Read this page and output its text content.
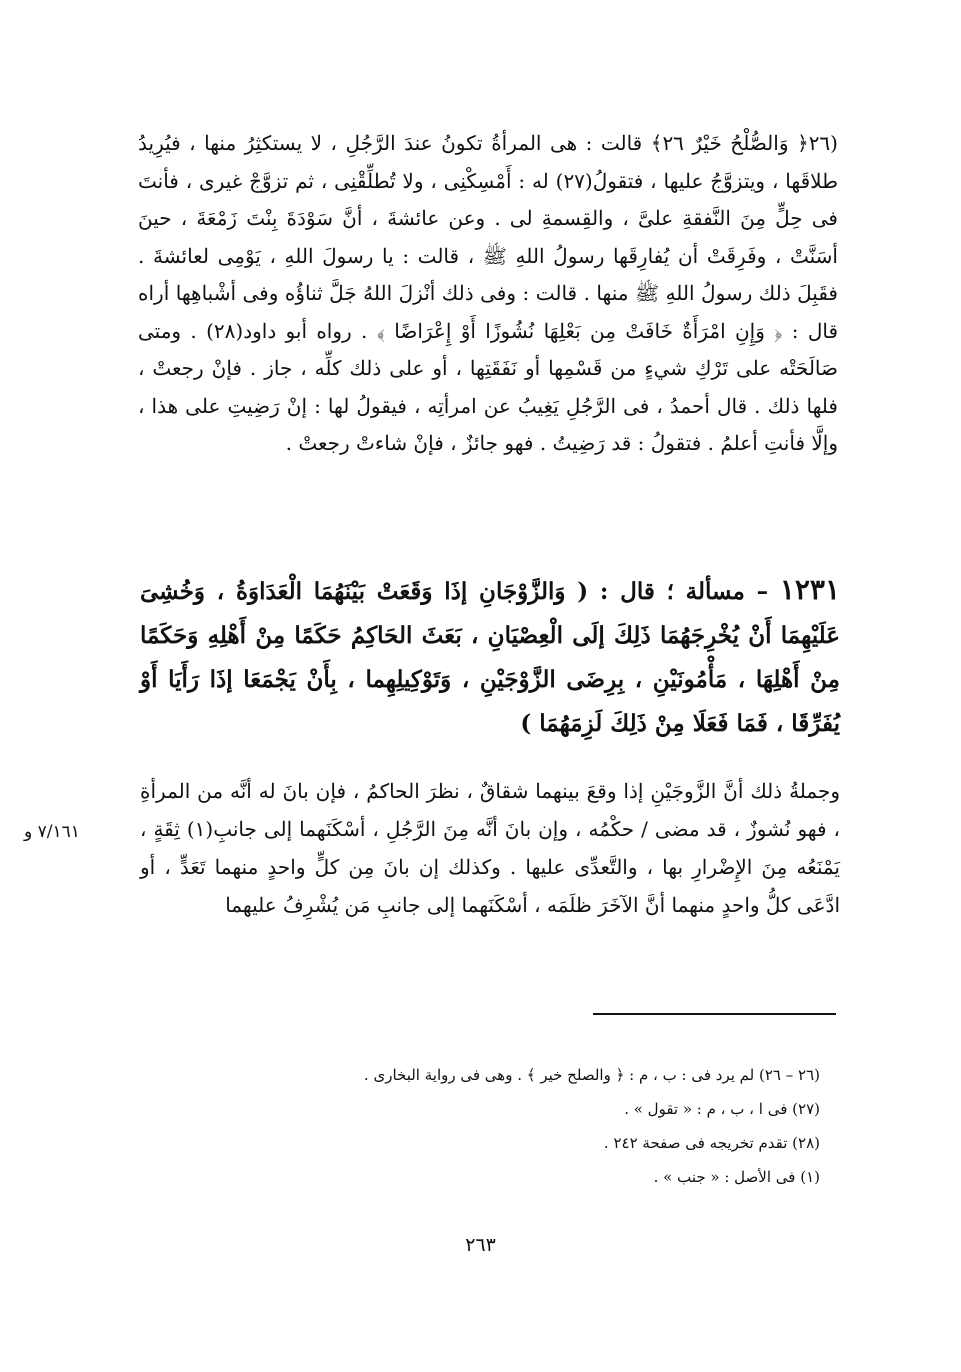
(٢٦﴿ وَالصُّلْحُ خَيْرٌ ٢٦﴾ قالت : هى المرأةُ تكونُ عندَ الرَّجُلِ ، لا يستكثِرُ منها ، فيُرِيدُ طلاقَها ، ويتزوَّجُ عليها ، فتقولُ(٢٧) له : أَمْسِكْنِى ، ولا تُطلِّقْنِى ، ثم تزوَّجْ غيرى ، فأنتَ فى حِلٍّ مِنَ النَّفقةِ علىَّ ، والقِسمةِ لى . وعن عائشةَ ، أنَّ سَوْدَةَ بِنْتَ زَمْعَةَ ، حينَ أسَنَّتْ ، وفَرِقَتْ أن يُفارِقَها رسولُ اللهِ ﷺ ، قالت : يا رسولَ اللهِ ، يَوْمِى لعائشةَ . فقَبِلَ ذلك رسولُ اللهِ ﷺ منها . قالت : وفى ذلك أنْزلَ اللهُ جَلَّ ثناؤُه وفى أشْباهِها أراه قال : ﴿ وَإِنِ امْرَأَةٌ خَافَتْ مِن بَعْلِهَا نُشُوزًا أَوْ إِعْرَاضًا ﴾ . رواه أبو داود(٢٨) . ومتى صَالَحَتْه على تَرْكِ شيءٍ من قَسْمِها أو نَفَقَتِها ، أو على ذلك كلِّه ، جاز . فإنْ رجعتْ ، فلها ذلك . قال أحمدُ ، فى الرَّجُلِ يَغِيبُ عن امرأتِه ، فيقولُ لها : إنْ رَضِيتِ على هذا ، وإلَّا فأنتِ أعلمُ . فتقولُ : قد رَضِيتُ . فهو جائزٌ ، فإنْ شاءتْ رجعتْ .

١٢٣١ – مسألة ؛ قال : ( وَالزَّوْجَانِ إذَا وَقَعَتْ بَيْنَهُمَا الْعَدَاوَةُ ، وَخُشِىَ عَلَيْهِمَا أَنْ يُخْرِجَهُمَا ذَلِكَ إلَى الْعِصْيَانِ ، بَعَثَ الحَاكِمُ حَكَمًا مِنْ أَهْلِهِ وَحَكَمًا مِنْ أَهْلِهَا ، مَأْمُونَيْنِ ، بِرِضَى الزَّوْجَيْنِ ، وَتَوْكِيلِهِما ، بِأَنْ يَجْمَعَا إذَا رَأَيَا أَوْ يُفَرِّقَا ، فَمَا فَعَلَا مِنْ ذَلِكَ لَزِمَهُمَا )

وجملةُ ذلك أنَّ الزَّوجَيْنِ إذا وقعَ بينهما شقاقٌ ، نظرَ الحاكمُ ، فإن بانَ له أنَّه من المرأةِ ، فهو نُشوزٌ ، قد مضى / حكْمُه ، وإن بانَ أنَّه مِنَ الرَّجُلِ ، أسْكَنَهما إلى جانبِ(١) ثِقَةٍ ، يَمْنَعُه مِنَ الإِضْرارِ بها ، والتَّعدِّى عليها . وكذلك إن بانَ مِن كلٍّ واحدٍ منهما تَعَدٍّ ، أو ادَّعَى كلُّ واحدٍ منهما أنَّ الآخَرَ ظلَمَه ، أسْكَنَهما إلى جانبِ مَن يُشْرِفُ عليهما

٧/١٦١ و
(٢٦ – ٢٦) لم يرد فى : ب ، م : ﴿ والصلح خير ﴾ . وهى فى رواية البخارى .
(٢٧) فى ا ، ب ، م : « تقول » .
(٢٨) تقدم تخريجه فى صفحة ٢٤٢ .
(١) فى الأصل : « جنب » .
٢٦٣
